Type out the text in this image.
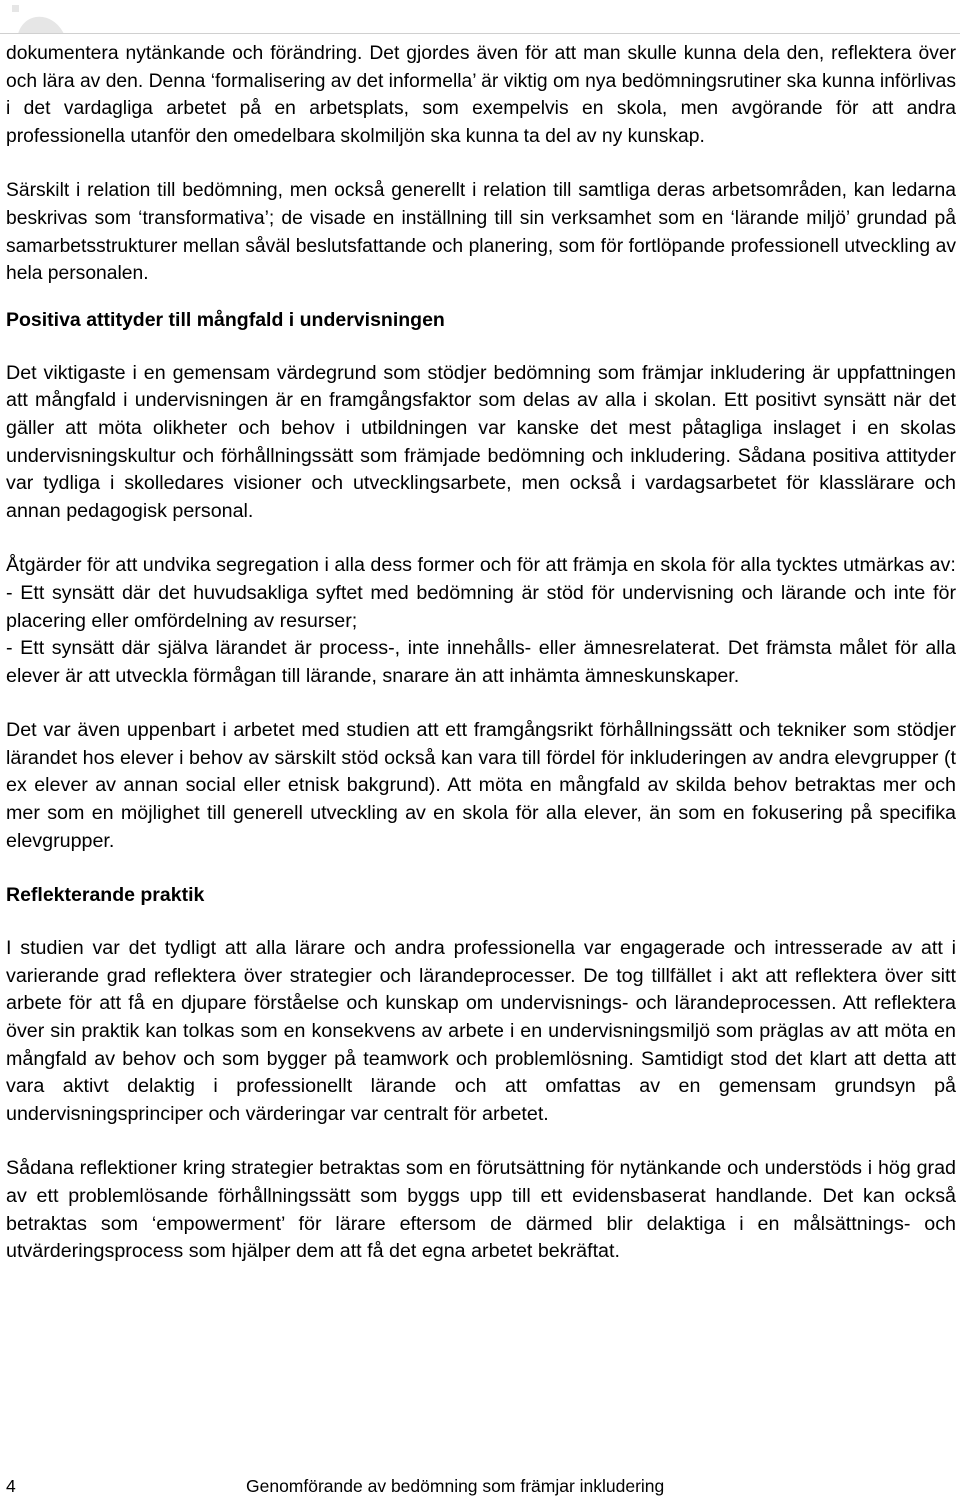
dokumentera nytänkande och förändring. Det gjordes även för att man skulle kunna dela den, reflektera över och lära av den. Denna ‘formalisering av det informella’ är viktig om nya bedömningsrutiner ska kunna införlivas i det vardagliga arbetet på en arbetsplats, som exempelvis en skola, men avgörande för att andra professionella utanför den omedelbara skolmiljön ska kunna ta del av ny kunskap.

Särskilt i relation till bedömning, men också generellt i relation till samtliga deras arbetsområden, kan ledarna beskrivas som ‘transformativa’; de visade en inställning till sin verksamhet som en ‘lärande miljö’ grundad på samarbetsstrukturer mellan såväl beslutsfattande och planering, som för fortlöpande professionell utveckling av hela personalen.

Positiva attityder till mångfald i undervisningen

Det viktigaste i en gemensam värdegrund som stödjer bedömning som främjar inkludering är uppfattningen att mångfald i undervisningen är en framgångsfaktor som delas av alla i skolan. Ett positivt synsätt när det gäller att möta olikheter och behov i utbildningen var kanske det mest påtagliga inslaget i en skolas undervisningskultur och förhållningssätt som främjade bedömning och inkludering. Sådana positiva attityder var tydliga i skolledares visioner och utvecklingsarbete, men också i vardagsarbetet för klasslärare och annan pedagogisk personal.

Åtgärder för att undvika segregation i alla dess former och för att främja en skola för alla tycktes utmärkas av:
- Ett synsätt där det huvudsakliga syftet med bedömning är stöd för undervisning och lärande och inte för placering eller omfördelning av resurser;
- Ett synsätt där själva lärandet är process-, inte innehålls- eller ämnesrelaterat. Det främsta målet för alla elever är att utveckla förmågan till lärande, snarare än att inhämta ämneskunskaper.

Det var även uppenbart i arbetet med studien att ett framgångsrikt förhållningssätt och tekniker som stödjer lärandet hos elever i behov av särskilt stöd också kan vara till fördel för inkluderingen av andra elevgrupper (t ex elever av annan social eller etnisk bakgrund). Att möta en mångfald av skilda behov betraktas mer och mer som en möjlighet till generell utveckling av en skola för alla elever, än som en fokusering på specifika elevgrupper.

Reflekterande praktik

I studien var det tydligt att alla lärare och andra professionella var engagerade och intresserade av att i varierande grad reflektera över strategier och lärandeprocesser. De tog tillfället i akt att reflektera över sitt arbete för att få en djupare förståelse och kunskap om undervisnings- och lärandeprocessen. Att reflektera över sin praktik kan tolkas som en konsekvens av arbete i en undervisningsmiljö som präglas av att möta en mångfald av behov och som bygger på teamwork och problemlösning. Samtidigt stod det klart att detta att vara aktivt delaktig i professionellt lärande och att omfattas av en gemensam grundsyn på undervisningsprinciper och värderingar var centralt för arbetet.

Sådana reflektioner kring strategier betraktas som en förutsättning för nytänkande och understöds i hög grad av ett problemlösande förhållningssätt som byggs upp till ett evidensbaserat handlande. Det kan också betraktas som ‘empowerment’ för lärare eftersom de därmed blir delaktiga i en målsättnings- och utvärderingsprocess som hjälper dem att få det egna arbetet bekräftat.

4	Genomförande av bedömning som främjar inkludering
